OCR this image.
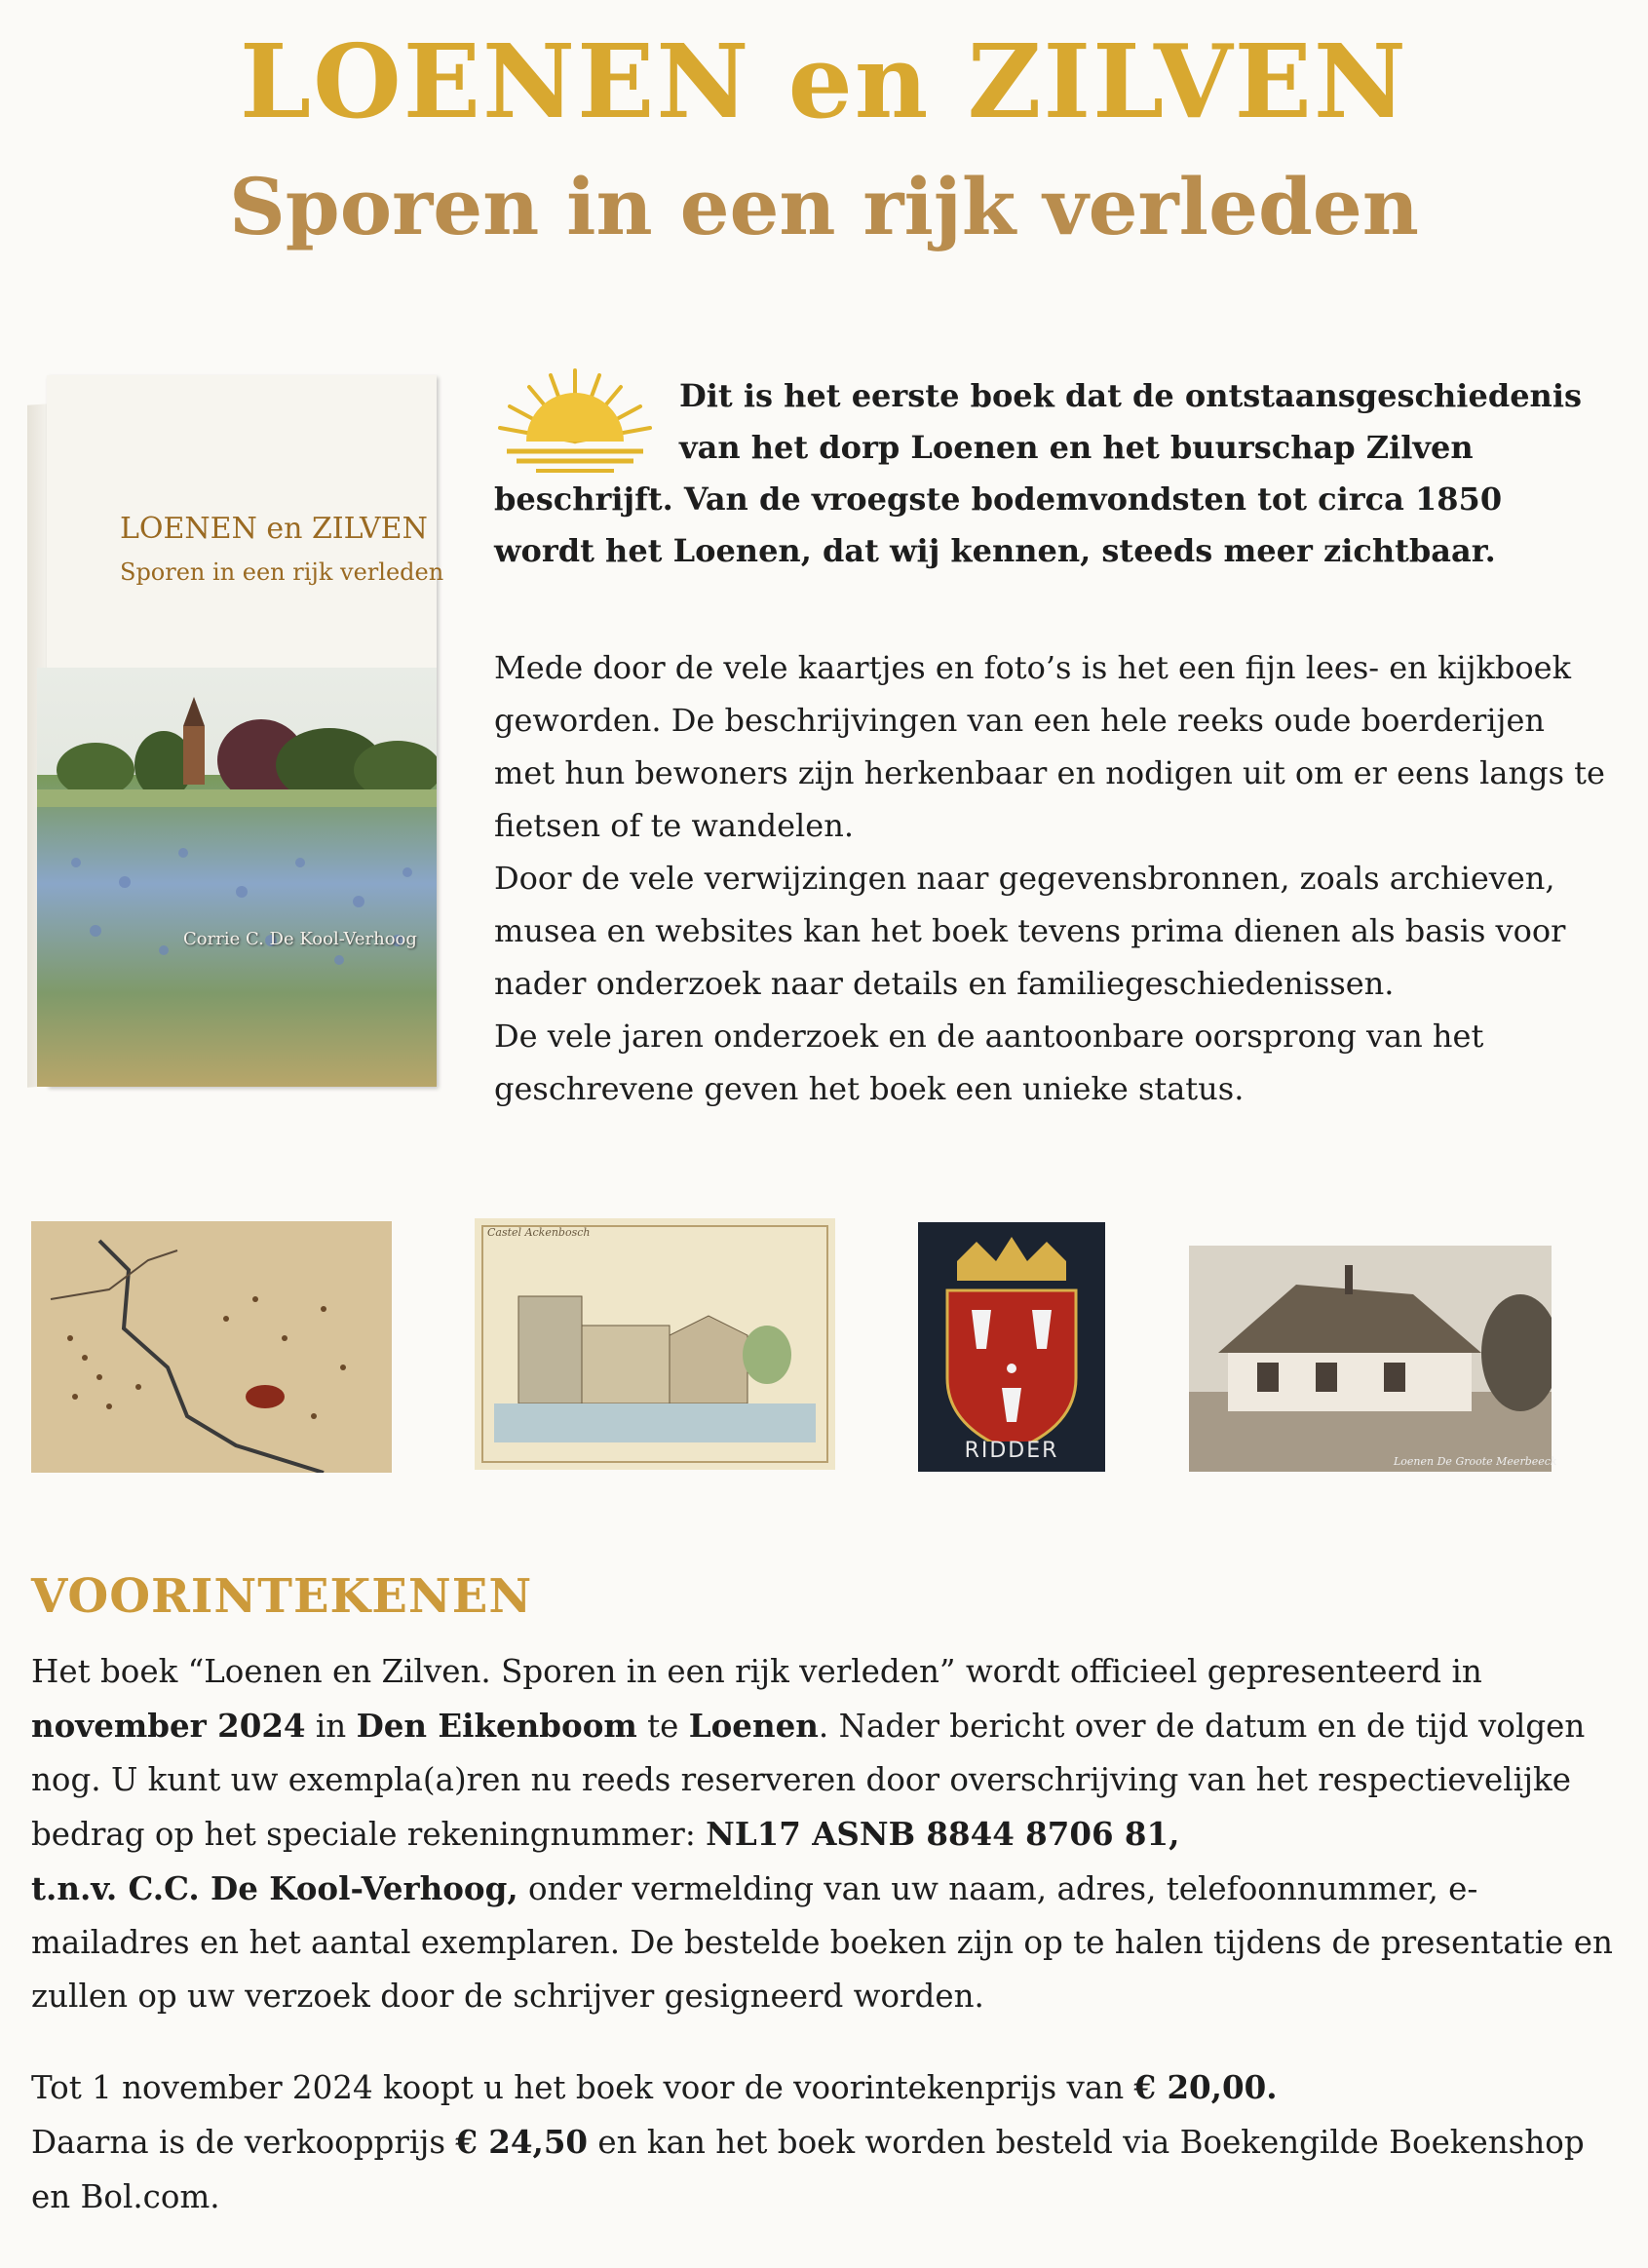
LOENEN en ZILVEN
Sporen in een rijk verleden
LOENEN en ZILVEN
Sporen in een rijk verleden
Corrie C. De Kool-Verhoog
Dit is het eerste boek dat de ontstaansgeschiedenis van het dorp Loenen en het buurschap Zilven beschrijft. Van de vroegste bodemvondsten tot circa 1850 wordt het Loenen, dat wij kennen, steeds meer zichtbaar.
Mede door de vele kaartjes en foto’s is het een fijn lees- en kijkboek geworden. De beschrijvingen van een hele reeks oude boerderijen met hun bewoners zijn herkenbaar en nodigen uit om er eens langs te fietsen of te wandelen.
Door de vele verwijzingen naar gegevensbronnen, zoals archieven, musea en websites kan het boek tevens prima dienen als basis voor nader onderzoek naar details en familiegeschiedenissen.
De vele jaren onderzoek en de aantoonbare oorsprong van het geschrevene geven het boek een unieke status.
Castel Ackenbosch
RIDDER	Loenen De Groote Meerbeeck
VOORINTEKENEN
Het boek “Loenen en Zilven. Sporen in een rijk verleden” wordt officieel gepresenteerd in
november 2024 in Den Eikenboom te Loenen. Nader bericht over de datum en de tijd volgen nog. U kunt uw exempla(a)ren nu reeds reserveren door overschrijving van het respectievelijke bedrag op het speciale rekeningnummer: NL17 ASNB 8844 8706 81,
t.n.v. C.C. De Kool-Verhoog, onder vermelding van uw naam, adres, telefoonnummer, e-mailadres en het aantal exemplaren. De bestelde boeken zijn op te halen tijdens de presentatie en zullen op uw verzoek door de schrijver gesigneerd worden.
Tot 1 november 2024 koopt u het boek voor de voorintekenprijs van € 20,00.
Daarna is de verkoopprijs € 24,50 en kan het boek worden besteld via Boekengilde Boekenshop en Bol.com.
